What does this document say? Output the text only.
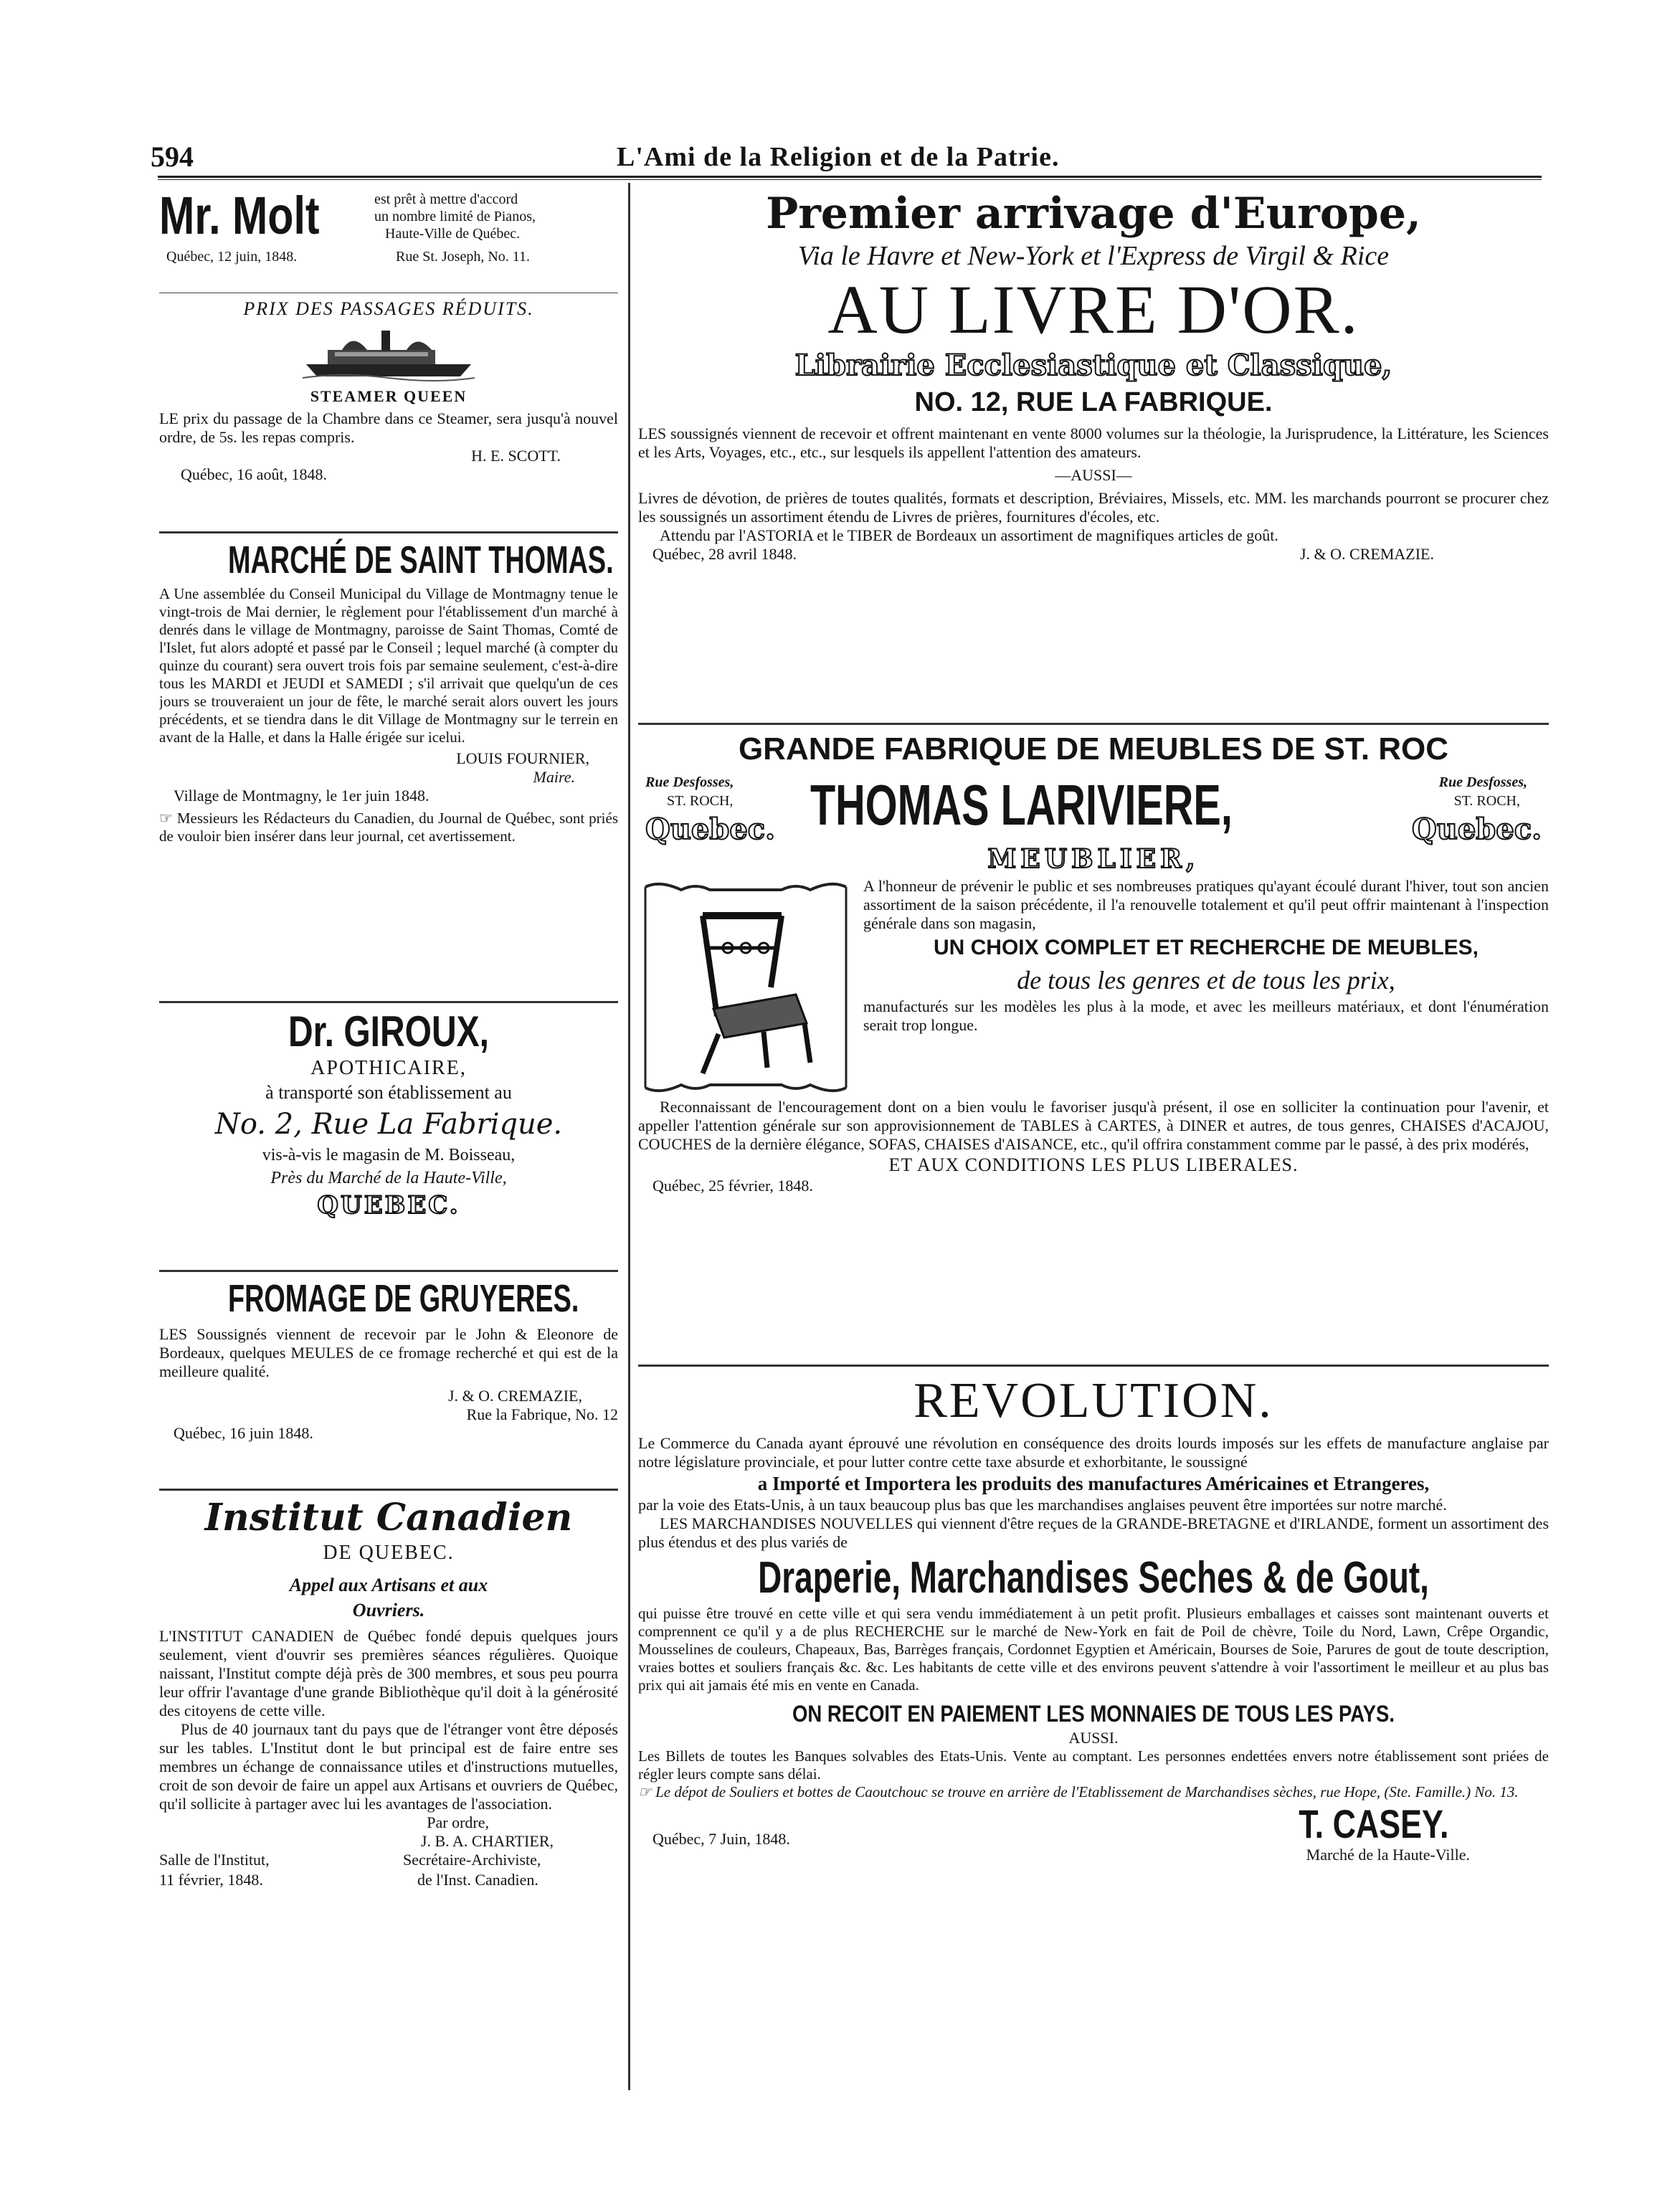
594	L'Ami de la Religion et de la Patrie.
Mr. Molt	est prêt à mettre d'accord
un nombre limité de Pianos,
Haute-Ville de Québec.
Québec, 12 juin, 1848.	Rue St. Joseph, No. 11.
PRIX DES PASSAGES RÉDUITS.
STEAMER QUEEN
LE prix du passage de la Chambre dans ce Steamer, sera jusqu'à nouvel ordre, de 5s. les repas compris.
H. E. SCOTT.
Québec, 16 août, 1848.
MARCHÉ DE SAINT THOMAS.
A Une assemblée du Conseil Municipal du Village de Montmagny tenue le vingt-trois de Mai dernier, le règlement pour l'établissement d'un marché à denrés dans le village de Montmagny, paroisse de Saint Thomas, Comté de l'Islet, fut alors adopté et passé par le Conseil ; lequel marché (à compter du quinze du courant) sera ouvert trois fois par semaine seulement, c'est-à-dire tous les MARDI et JEUDI et SAMEDI ; s'il arrivait que quelqu'un de ces jours se trouveraient un jour de fête, le marché serait alors ouvert les jours précédents, et se tiendra dans le dit Village de Montmagny sur le terrein en avant de la Halle, et dans la Halle érigée sur icelui.
LOUIS FOURNIER,
Maire.
Village de Montmagny, le 1er juin 1848.
☞ Messieurs les Rédacteurs du Canadien, du Journal de Québec, sont priés de vouloir bien insérer dans leur journal, cet avertissement.
Dr. GIROUX,
APOTHICAIRE,
à transporté son établissement au
No. 2, Rue La Fabrique.
vis-à-vis le magasin de M. Boisseau,
Près du Marché de la Haute-Ville,
QUEBEC.
FROMAGE DE GRUYERES.
LES Soussignés viennent de recevoir par le John & Eleonore de Bordeaux, quelques MEULES de ce fromage recherché et qui est de la meilleure qualité.
J. & O. CREMAZIE,
Rue la Fabrique, No. 12
Québec, 16 juin 1848.
Institut Canadien
DE QUEBEC.
Appel aux Artisans et aux
Ouvriers.
L'INSTITUT CANADIEN de Québec fondé depuis quelques jours seulement, vient d'ouvrir ses premières séances régulières. Quoique naissant, l'Institut compte déjà près de 300 membres, et sous peu pourra leur offrir l'avantage d'une grande Bibliothèque qu'il doit à la générosité des citoyens de cette ville.
Plus de 40 journaux tant du pays que de l'étranger vont être déposés sur les tables. L'Institut dont le but principal est de faire entre ses membres un échange de connaissance utiles et d'instructions mutuelles, croit de son devoir de faire un appel aux Artisans et ouvriers de Québec, qu'il sollicite à partager avec lui les avantages de l'association.
Par ordre,
J. B. A. CHARTIER,
Salle de l'Institut,
11 février, 1848.
Secrétaire-Archiviste,
de l'Inst. Canadien.
Premier arrivage d'Europe,
Via le Havre et New-York et l'Express de Virgil & Rice
AU LIVRE D'OR.
Librairie Ecclesiastique et Classique,
NO. 12, RUE LA FABRIQUE.
LES soussignés viennent de recevoir et offrent maintenant en vente 8000 volumes sur la théologie, la Jurisprudence, la Littérature, les Sciences et les Arts, Voyages, etc., etc., sur lesquels ils appellent l'attention des amateurs.
—AUSSI—
Livres de dévotion, de prières de toutes qualités, formats et description, Bréviaires, Missels, etc. MM. les marchands pourront se procurer chez les soussignés un assortiment étendu de Livres de prières, fournitures d'écoles, etc.
Attendu par l'ASTORIA et le TIBER de Bordeaux un assortiment de magnifiques articles de goût.
Québec, 28 avril 1848.	J. & O. CREMAZIE.
GRANDE FABRIQUE DE MEUBLES DE ST. ROC
Rue Desfosses,
ST. ROCH,
Quebec. THOMAS LARIVIERE,	Rue Desfosses,
ST. ROCH,
Quebec.
MEUBLIER,
A l'honneur de prévenir le public et ses nombreuses pratiques qu'ayant écoulé durant l'hiver, tout son ancien assortiment de la saison précédente, il l'a renouvelle totalement et qu'il peut offrir maintenant à l'inspection générale dans son magasin,
UN CHOIX COMPLET ET RECHERCHE DE MEUBLES,
de tous les genres et de tous les prix,
manufacturés sur les modèles les plus à la mode, et avec les meilleurs matériaux, et dont l'énumération serait trop longue.
Reconnaissant de l'encouragement dont on a bien voulu le favoriser jusqu'à présent, il ose en solliciter la continuation pour l'avenir, et appeller l'attention générale sur son approvisionnement de TABLES à CARTES, à DINER et autres, de tous genres, CHAISES d'ACAJOU, COUCHES de la dernière élégance, SOFAS, CHAISES d'AISANCE, etc., qu'il offrira constamment comme par le passé, à des prix modérés,
ET AUX CONDITIONS LES PLUS LIBERALES.
Québec, 25 février, 1848.
REVOLUTION.
Le Commerce du Canada ayant éprouvé une révolution en conséquence des droits lourds imposés sur les effets de manufacture anglaise par notre législature provinciale, et pour lutter contre cette taxe absurde et exhorbitante, le soussigné
a Importé et Importera les produits des manufactures Américaines et Etrangeres,
par la voie des Etats-Unis, à un taux beaucoup plus bas que les marchandises anglaises peuvent être importées sur notre marché.
LES MARCHANDISES NOUVELLES qui viennent d'être reçues de la GRANDE-BRETAGNE et d'IRLANDE, forment un assortiment des plus étendus et des plus variés de
Draperie, Marchandises Seches & de Gout,
qui puisse être trouvé en cette ville et qui sera vendu immédiatement à un petit profit. Plusieurs emballages et caisses sont maintenant ouverts et comprennent ce qu'il y a de plus RECHERCHE sur le marché de New-York en fait de Poil de chèvre, Toile du Nord, Lawn, Crêpe Organdic, Mousselines de couleurs, Chapeaux, Bas, Barrèges français, Cordonnet Egyptien et Américain, Bourses de Soie, Parures de gout de toute description, vraies bottes et souliers français &c. &c. Les habitants de cette ville et des environs peuvent s'attendre à voir l'assortiment le meilleur et au plus bas prix qui ait jamais été mis en vente en Canada.
ON RECOIT EN PAIEMENT LES MONNAIES DE TOUS LES PAYS.
AUSSI.
Les Billets de toutes les Banques solvables des Etats-Unis. Vente au comptant. Les personnes endettées envers notre établissement sont priées de régler leurs compte sans délai.
☞ Le dépot de Souliers et bottes de Caoutchouc se trouve en arrière de l'Etablissement de Marchandises sèches, rue Hope, (Ste. Famille.) No. 13.
T. CASEY.
Québec, 7 Juin, 1848.
Marché de la Haute-Ville.
